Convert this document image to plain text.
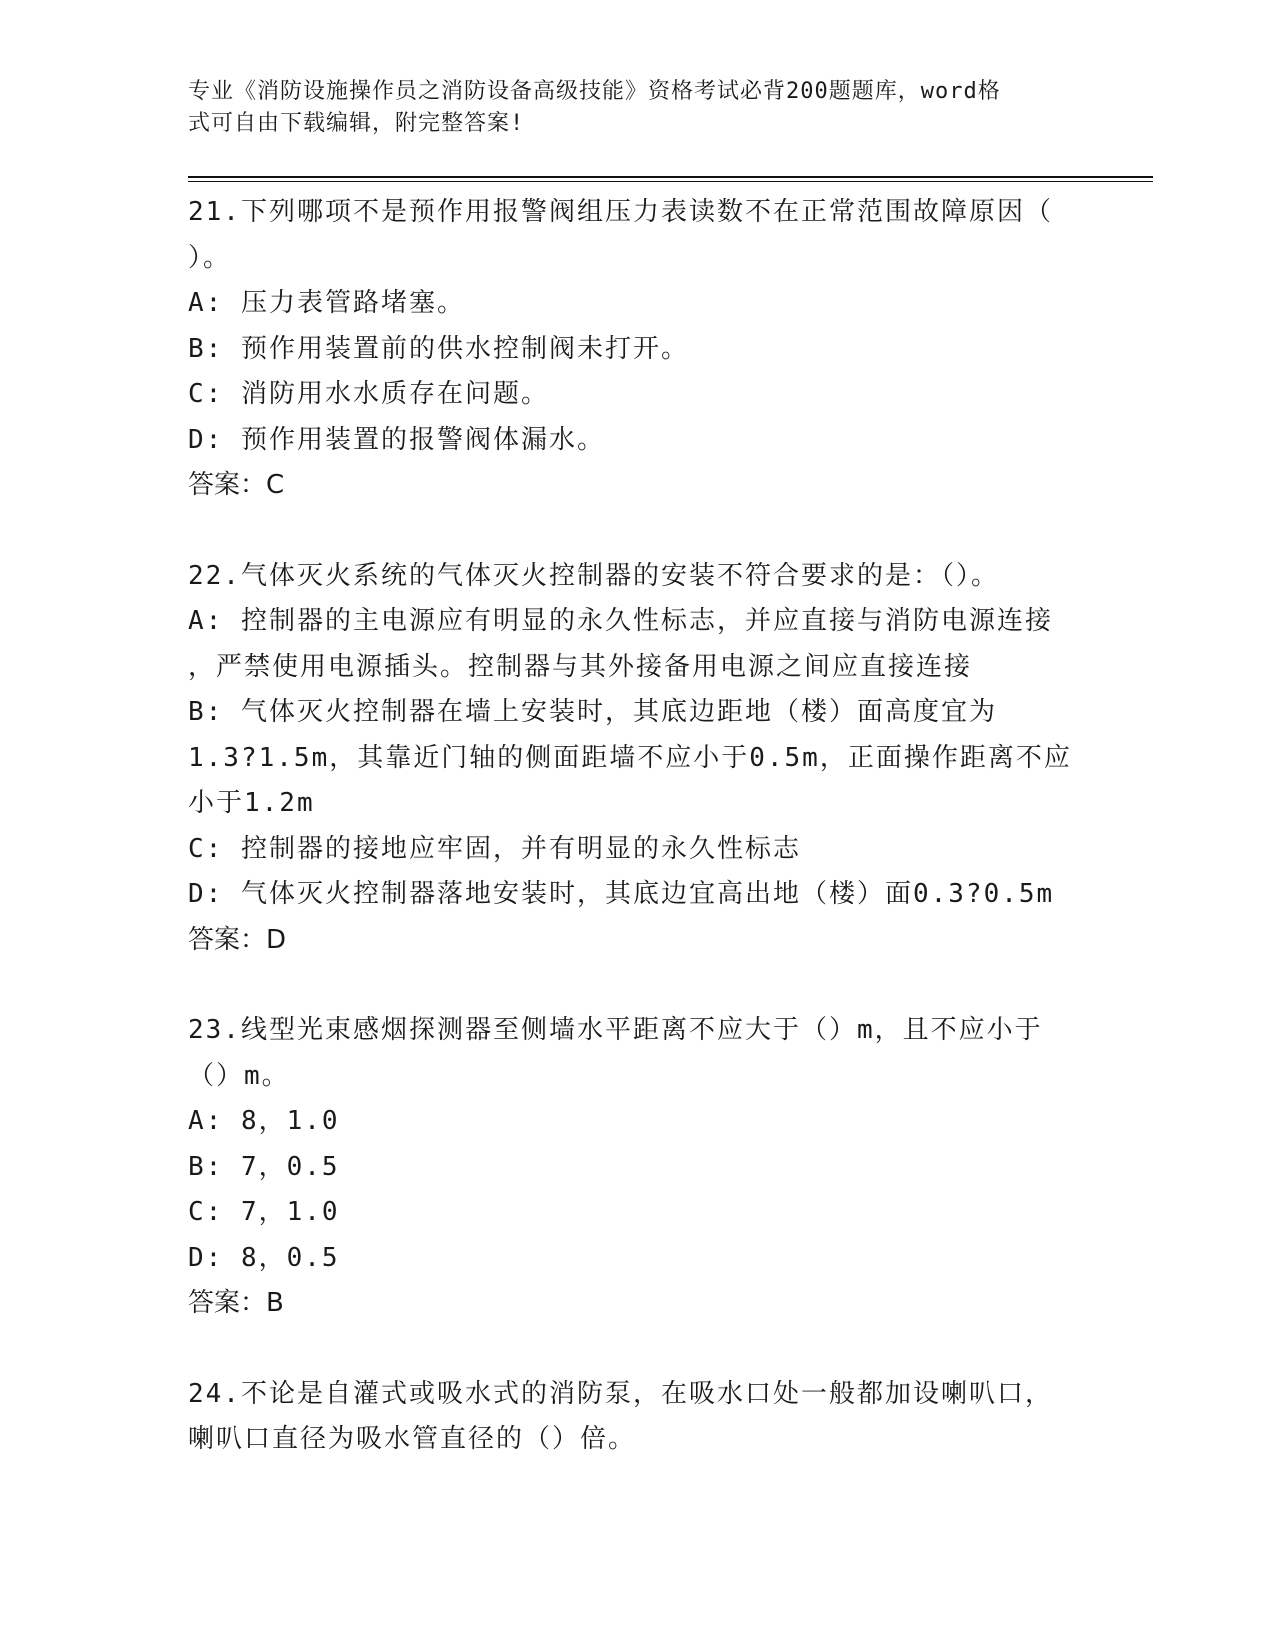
专业《消防设施操作员之消防设备高级技能》资格考试必背200题题库，word格
式可自由下载编辑，附完整答案!
21.下列哪项不是预作用报警阀组压力表读数不在正常范围故障原因（
）。
A: 压力表管路堵塞。
B: 预作用装置前的供水控制阀未打开。
C: 消防用水水质存在问题。
D: 预作用装置的报警阀体漏水。
答案：C
22.气体灭火系统的气体灭火控制器的安装不符合要求的是：（）。
A: 控制器的主电源应有明显的永久性标志，并应直接与消防电源连接
，严禁使用电源插头。控制器与其外接备用电源之间应直接连接
B: 气体灭火控制器在墙上安装时，其底边距地（楼）面高度宜为
1.3?1.5m，其靠近门轴的侧面距墙不应小于0.5m，正面操作距离不应
小于1.2m
C: 控制器的接地应牢固，并有明显的永久性标志
D: 气体灭火控制器落地安装时，其底边宜高出地（楼）面0.3?0.5m
答案：D
23.线型光束感烟探测器至侧墙水平距离不应大于（）m，且不应小于
（）m。
A: 8，1.0
B: 7，0.5
C: 7，1.0
D: 8，0.5
答案：B
24.不论是自灌式或吸水式的消防泵，在吸水口处一般都加设喇叭口，
喇叭口直径为吸水管直径的（）倍。
